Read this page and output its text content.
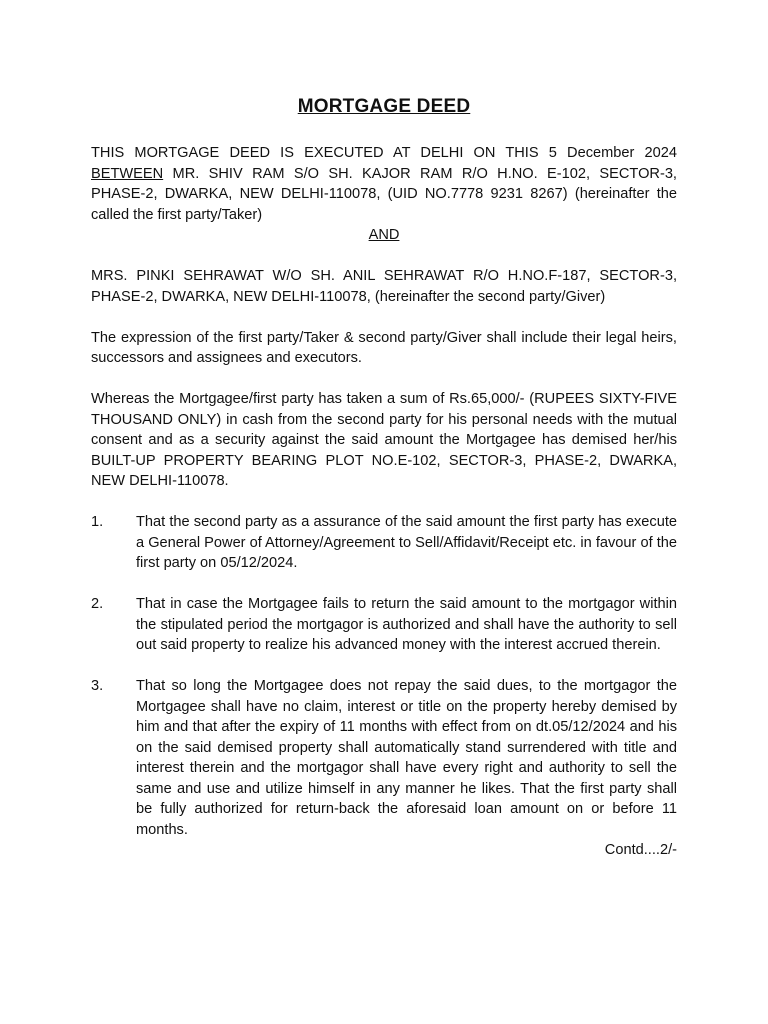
MORTGAGE DEED

THIS MORTGAGE DEED IS EXECUTED AT DELHI ON THIS 5 December 2024 BETWEEN MR. SHIV RAM S/O SH. KAJOR RAM R/O H.NO. E-102, SECTOR-3, PHASE-2, DWARKA, NEW DELHI-110078, (UID NO.7778 9231 8267) (hereinafter the called the first party/Taker)

AND

MRS. PINKI SEHRAWAT W/O SH. ANIL SEHRAWAT R/O H.NO.F-187, SECTOR-3, PHASE-2, DWARKA, NEW DELHI-110078, (hereinafter the second party/Giver)

The expression of the first party/Taker & second party/Giver shall include their legal heirs, successors and assignees and executors.

Whereas the Mortgagee/first party has taken a sum of Rs.65,000/- (RUPEES SIXTY-FIVE THOUSAND ONLY) in cash from the second party for his personal needs with the mutual consent and as a security against the said amount the Mortgagee has demised her/his BUILT-UP PROPERTY BEARING PLOT NO.E-102, SECTOR-3, PHASE-2, DWARKA, NEW DELHI-110078.

1.	That the second party as a assurance of the said amount the first party has execute a General Power of Attorney/Agreement to Sell/Affidavit/Receipt etc. in favour of the first party on 05/12/2024.
2.	That in case the Mortgagee fails to return the said amount to the mortgagor within the stipulated period the mortgagor is authorized and shall have the authority to sell out said property to realize his advanced money with the interest accrued therein.
3.	That so long the Mortgagee does not repay the said dues, to the mortgagor the Mortgagee shall have no claim, interest or title on the property hereby demised by him and that after the expiry of 11 months with effect from on dt.05/12/2024 and his on the said demised property shall automatically stand surrendered with title and interest therein and the mortgagor shall have every right and authority to sell the same and use and utilize himself in any manner he likes. That the first party shall be fully authorized for return-back the aforesaid loan amount on or before 11 months.

Contd....2/-
